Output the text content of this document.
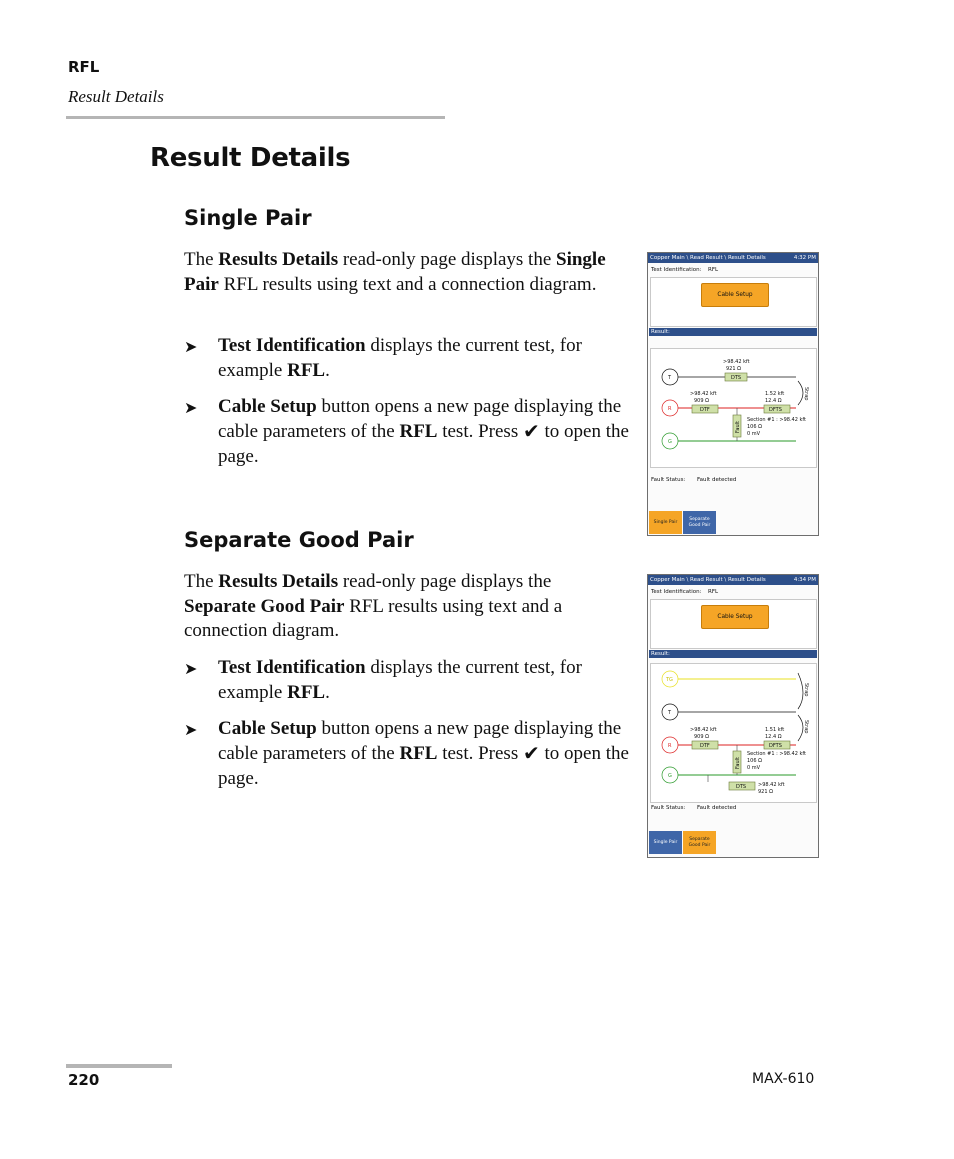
RFL
Result Details
Result Details
Single Pair
The Results Details read-only page displays the Single Pair RFL results using text and a connection diagram.
➤ Test Identification displays the current test, for example RFL.
➤ Cable Setup button opens a new page displaying the cable parameters of the RFL test. Press ✔ to open the page.
Separate Good Pair
The Results Details read-only page displays the Separate Good Pair RFL results using text and a connection diagram.
➤ Test Identification displays the current test, for example RFL.
➤ Cable Setup button opens a new page displaying the cable parameters of the RFL test. Press ✔ to open the page.
Copper Main \ Read Result \ Result Details	4:32 PM
Test Identification: RFL
Cable Setup
Result:
T
R
G
DTS
DTF	DFTS
Fault
Strap
>98.42 kft
921 Ω
>98.42 kft
909 Ω
1.52 kft
12.4 Ω
Section #1 : >98.42 kft
106 Ω
0 mV
Fault Status: Fault detected
Single Pair
Separate Good Pair
Copper Main \ Read Result \ Result Details	4:34 PM
Test Identification: RFL
Cable Setup
Result:
TG
T
R
G
Strap
Strap
DTF	DFTS
Fault
DTS
>98.42 kft
909 Ω
1.51 kft
12.4 Ω
Section #1 : >98.42 kft
106 Ω
0 mV
>98.42 kft
921 Ω
Fault Status: Fault detected
Single Pair
Separate Good Pair
220	MAX-610
